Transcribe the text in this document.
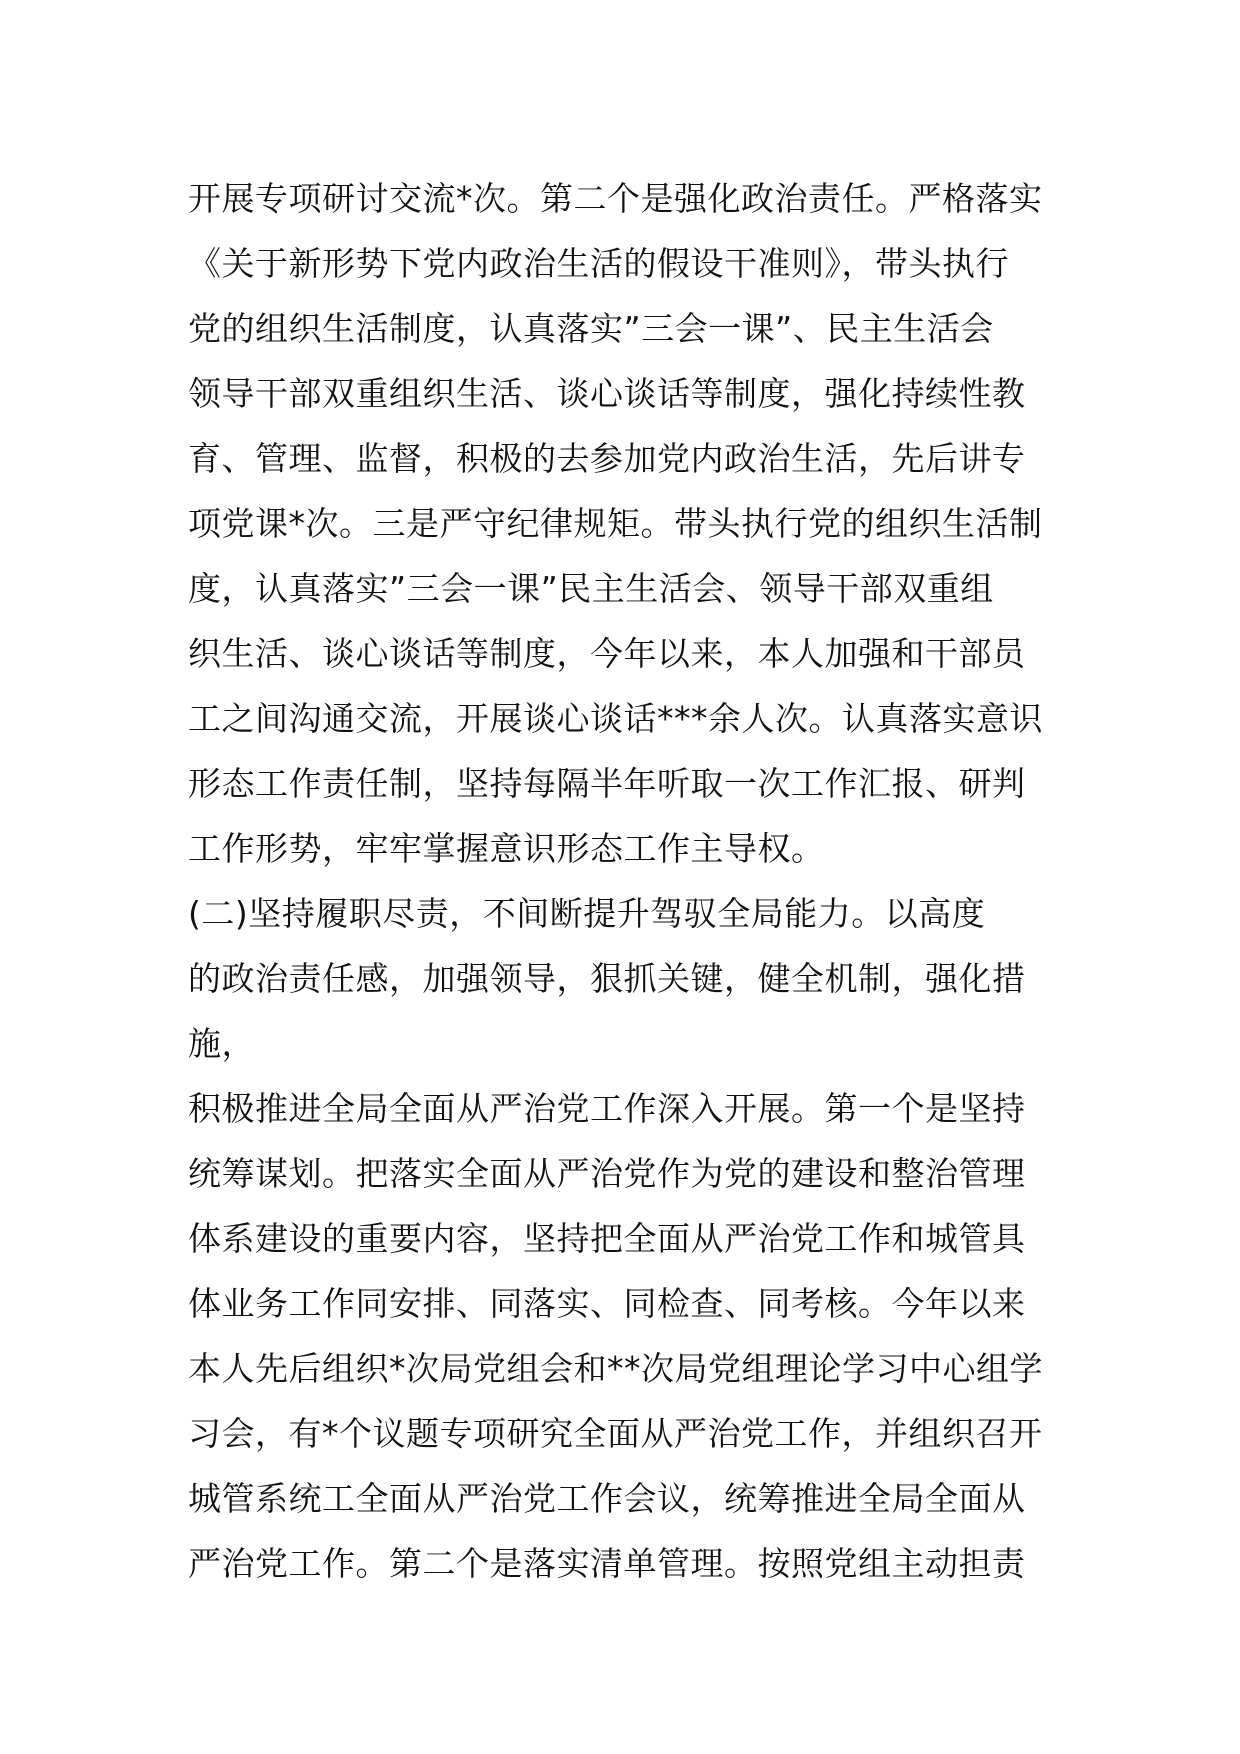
开展专项研讨交流*次。第二个是强化政治责任。严格落实
《关于新形势下党内政治生活的假设干准则》，带头执行
党的组织生活制度，认真落实”三会一课”、民主生活会
领导干部双重组织生活、谈心谈话等制度，强化持续性教
育、管理、监督，积极的去参加党内政治生活，先后讲专
项党课*次。三是严守纪律规矩。带头执行党的组织生活制
度，认真落实”三会一课”民主生活会、领导干部双重组
织生活、谈心谈话等制度，今年以来，本人加强和干部员
工之间沟通交流，开展谈心谈话***余人次。认真落实意识
形态工作责任制，坚持每隔半年听取一次工作汇报、研判
工作形势，牢牢掌握意识形态工作主导权。
(二)坚持履职尽责，不间断提升驾驭全局能力。以高度
的政治责任感，加强领导，狠抓关键，健全机制，强化措
施，
积极推进全局全面从严治党工作深入开展。第一个是坚持
统筹谋划。把落实全面从严治党作为党的建设和整治管理
体系建设的重要内容，坚持把全面从严治党工作和城管具
体业务工作同安排、同落实、同检查、同考核。今年以来
本人先后组织*次局党组会和**次局党组理论学习中心组学
习会，有*个议题专项研究全面从严治党工作，并组织召开
城管系统工全面从严治党工作会议，统筹推进全局全面从
严治党工作。第二个是落实清单管理。按照党组主动担责
